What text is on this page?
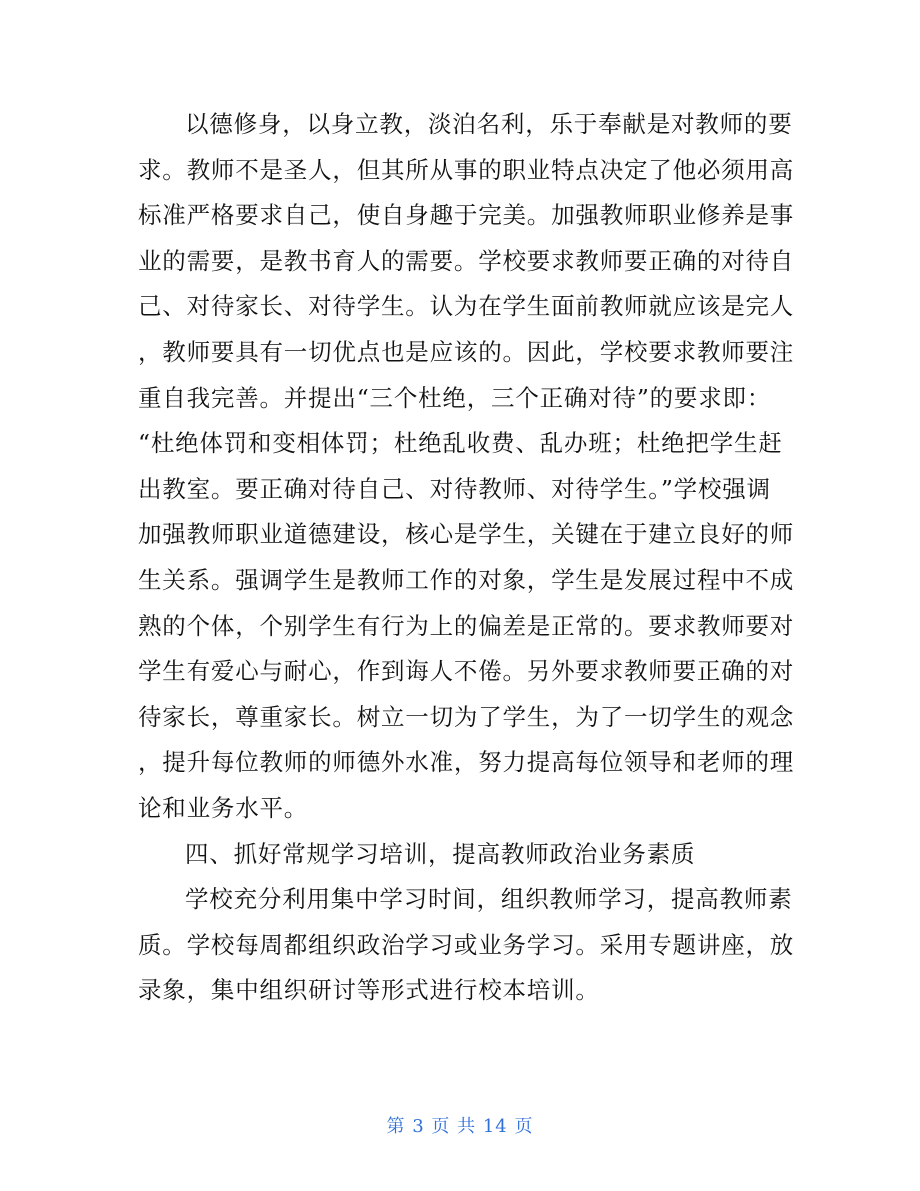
以德修身，以身立教，淡泊名利，乐于奉献是对教师的要
求。教师不是圣人，但其所从事的职业特点决定了他必须用高
标准严格要求自己，使自身趣于完美。加强教师职业修养是事
业的需要，是教书育人的需要。学校要求教师要正确的对待自
己、对待家长、对待学生。认为在学生面前教师就应该是完人
，教师要具有一切优点也是应该的。因此，学校要求教师要注
重自我完善。并提出“三个杜绝，三个正确对待”的要求即：
“杜绝体罚和变相体罚；杜绝乱收费、乱办班；杜绝把学生赶
出教室。要正确对待自己、对待教师、对待学生。”学校强调
加强教师职业道德建设，核心是学生，关键在于建立良好的师
生关系。强调学生是教师工作的对象，学生是发展过程中不成
熟的个体，个别学生有行为上的偏差是正常的。要求教师要对
学生有爱心与耐心，作到诲人不倦。另外要求教师要正确的对
待家长，尊重家长。树立一切为了学生，为了一切学生的观念
，提升每位教师的师德外水准，努力提高每位领导和老师的理
论和业务水平。

四、抓好常规学习培训，提高教师政治业务素质

学校充分利用集中学习时间，组织教师学习，提高教师素
质。学校每周都组织政治学习或业务学习。采用专题讲座，放
录象，集中组织研讨等形式进行校本培训。

第 3 页 共 14 页
